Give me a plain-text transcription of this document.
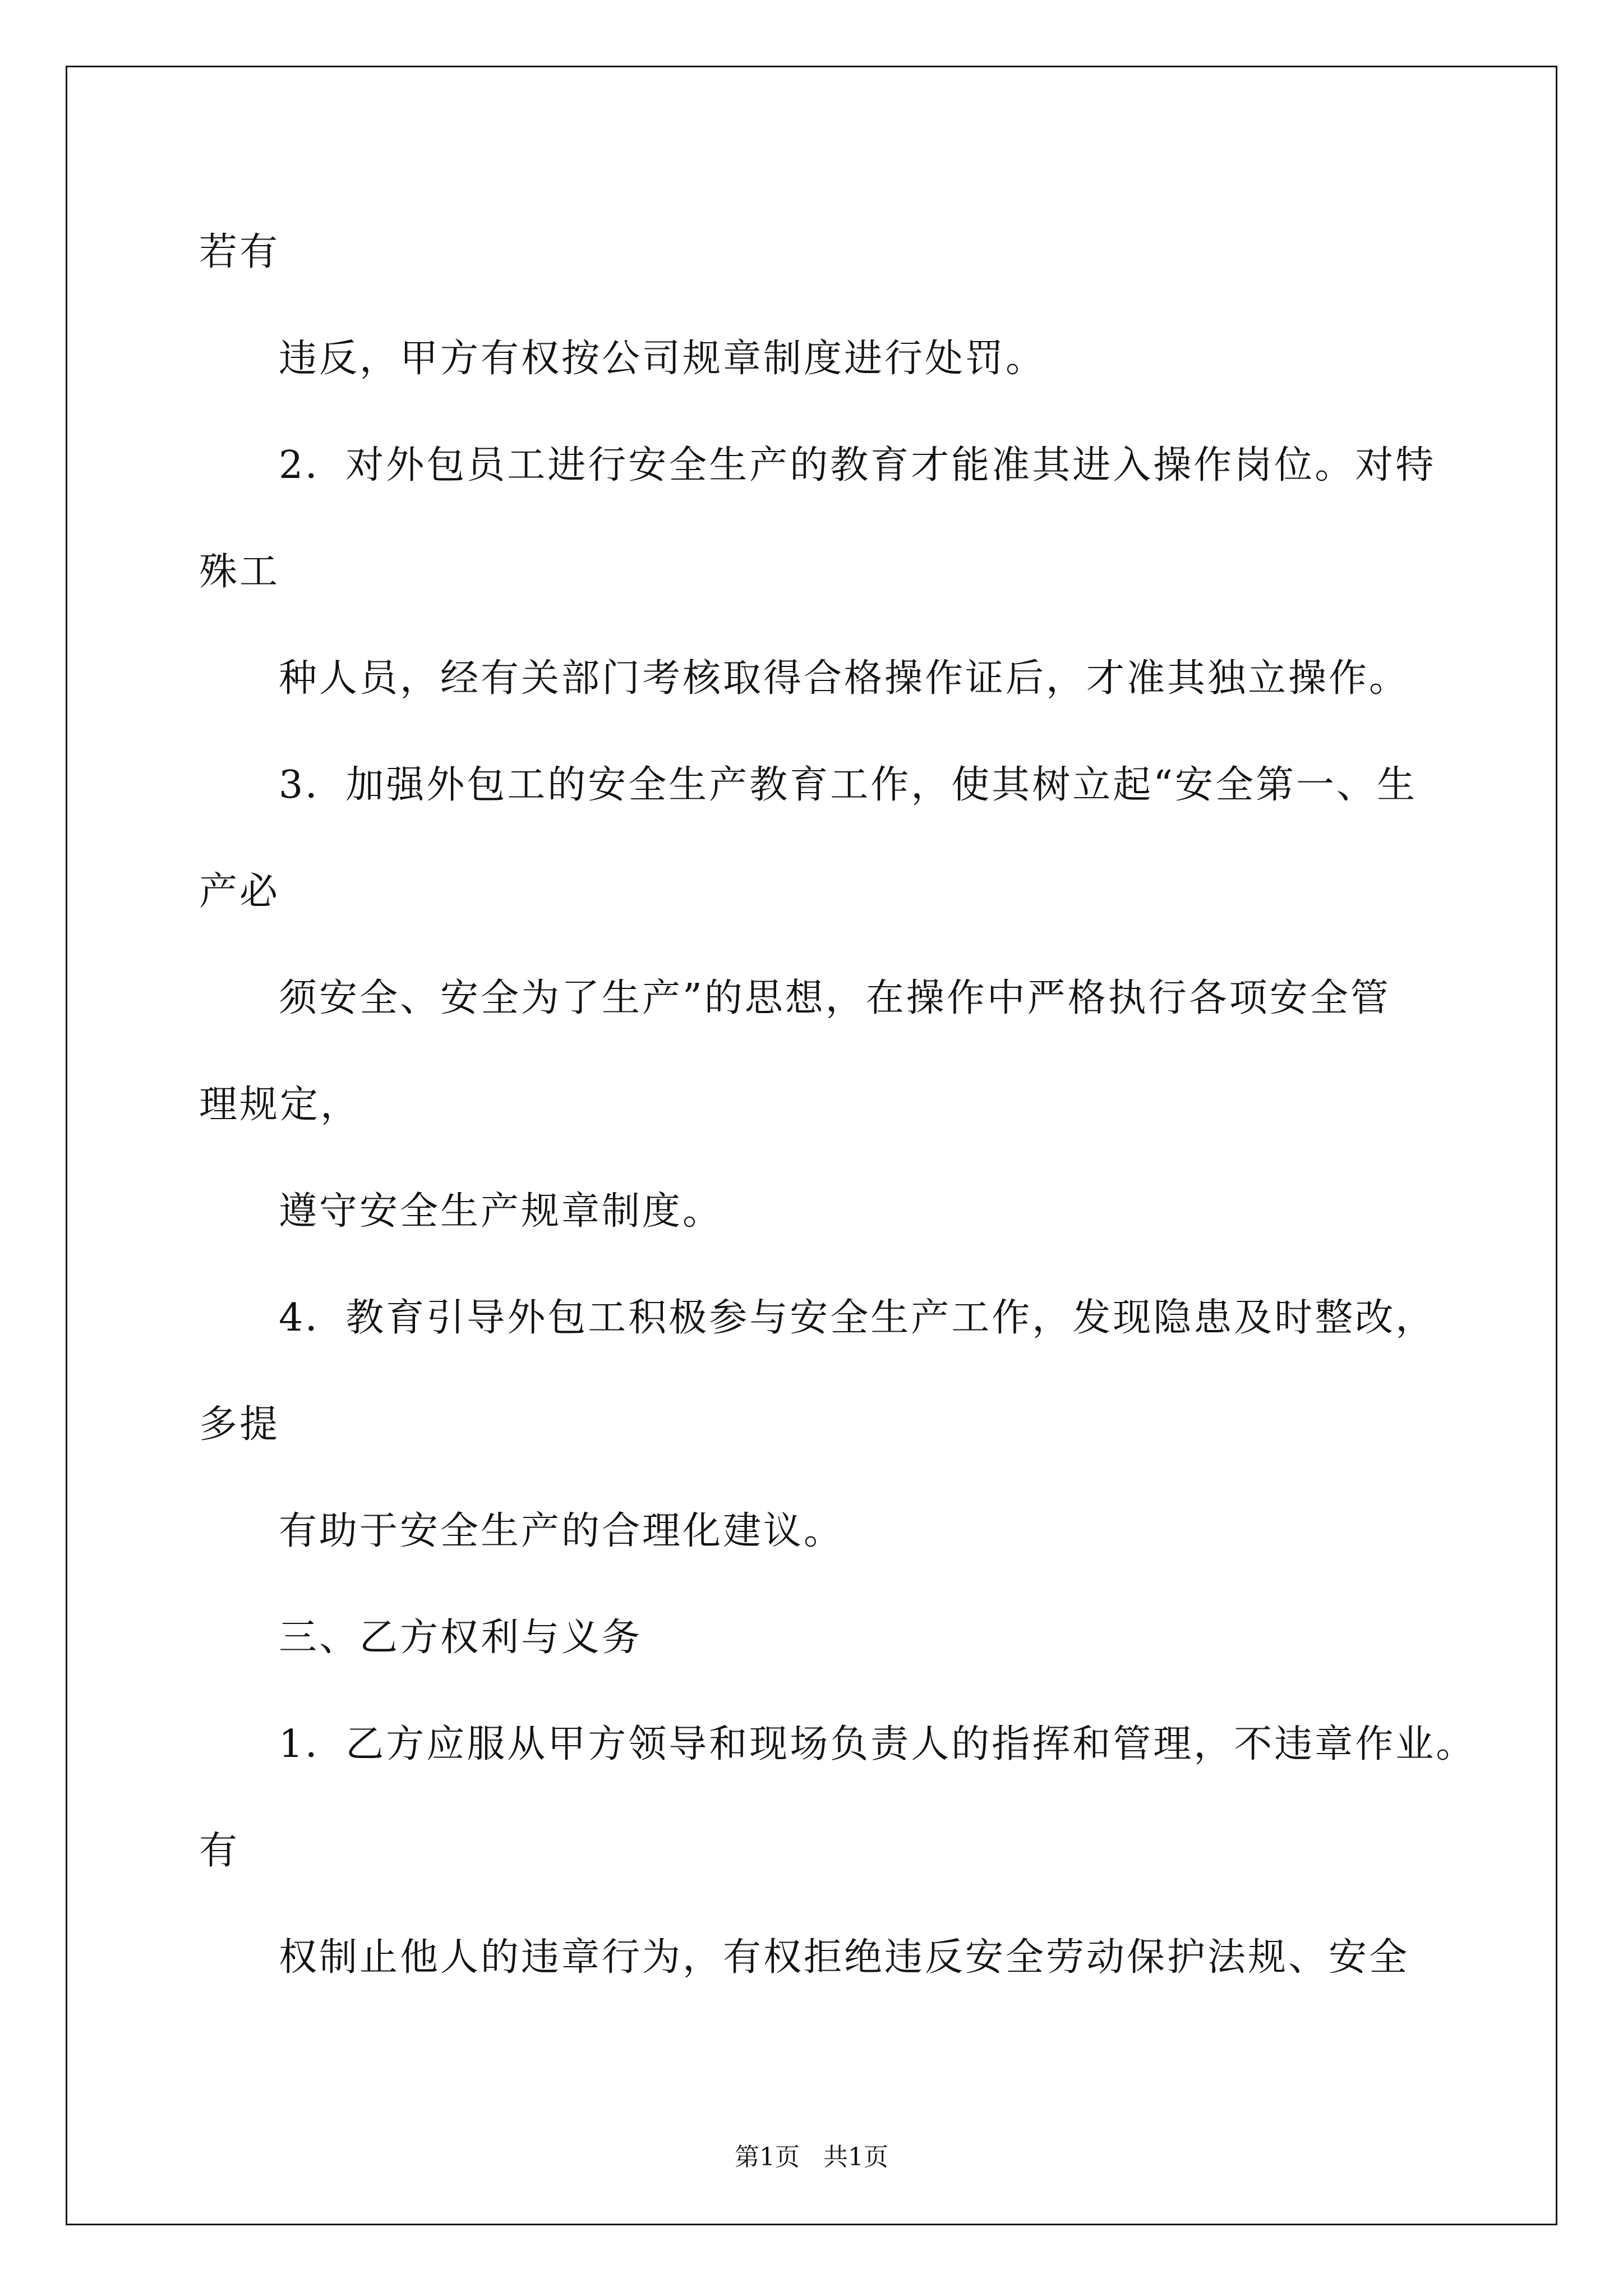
若有
违反，甲方有权按公司规章制度进行处罚。
2．对外包员工进行安全生产的教育才能准其进入操作岗位。对特
殊工
种人员，经有关部门考核取得合格操作证后，才准其独立操作。
3．加强外包工的安全生产教育工作，使其树立起“安全第一、生
产必
须安全、安全为了生产”的思想，在操作中严格执行各项安全管
理规定，
遵守安全生产规章制度。
4．教育引导外包工积极参与安全生产工作，发现隐患及时整改，
多提
有助于安全生产的合理化建议。
三、乙方权利与义务
1．乙方应服从甲方领导和现场负责人的指挥和管理，不违章作业。
有
权制止他人的违章行为，有权拒绝违反安全劳动保护法规、安全
第1页   共1页
